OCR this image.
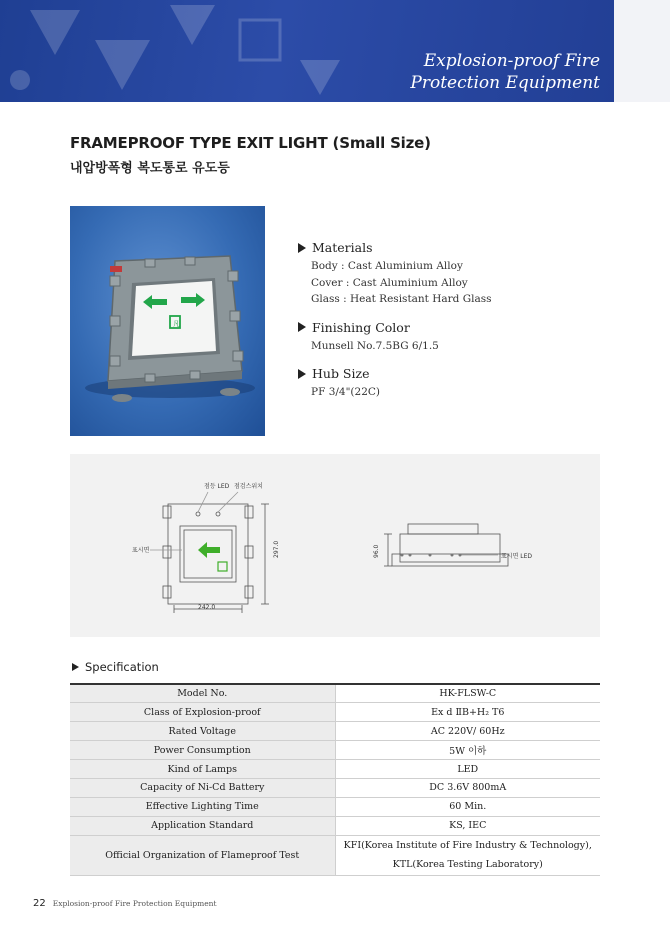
Explosion-proof Fire
Protection Equipment
FRAMEPROOF TYPE EXIT LIGHT (Small Size)
내압방폭형 복도통로 유도등
凡
Materials
Body : Cast Aluminium Alloy
Cover : Cast Aluminium Alloy
Glass : Heat Resistant Hard Glass
Finishing Color
Munsell No.7.5BG 6/1.5
Hub Size
PF 3/4"(22C)
점등 LED 점검스위치
표시면
242.0
297.0	96.0	표시면 LED
Specification
Model No.	HK-FLSW-C
Class of Explosion-proof	Ex d ⅡB+H₂ T6
Rated Voltage	AC 220V/ 60Hz
Power Consumption	5W 이하
Kind of Lamps	LED
Capacity of Ni-Cd Battery	DC 3.6V 800mA
Effective Lighting Time	60 Min.
Application Standard	KS, IEC
Official Organization of Flameproof Test	KFI(Korea Institute of Fire Industry & Technology),
KTL(Korea Testing Laboratory)
22 Explosion-proof Fire Protection Equipment
